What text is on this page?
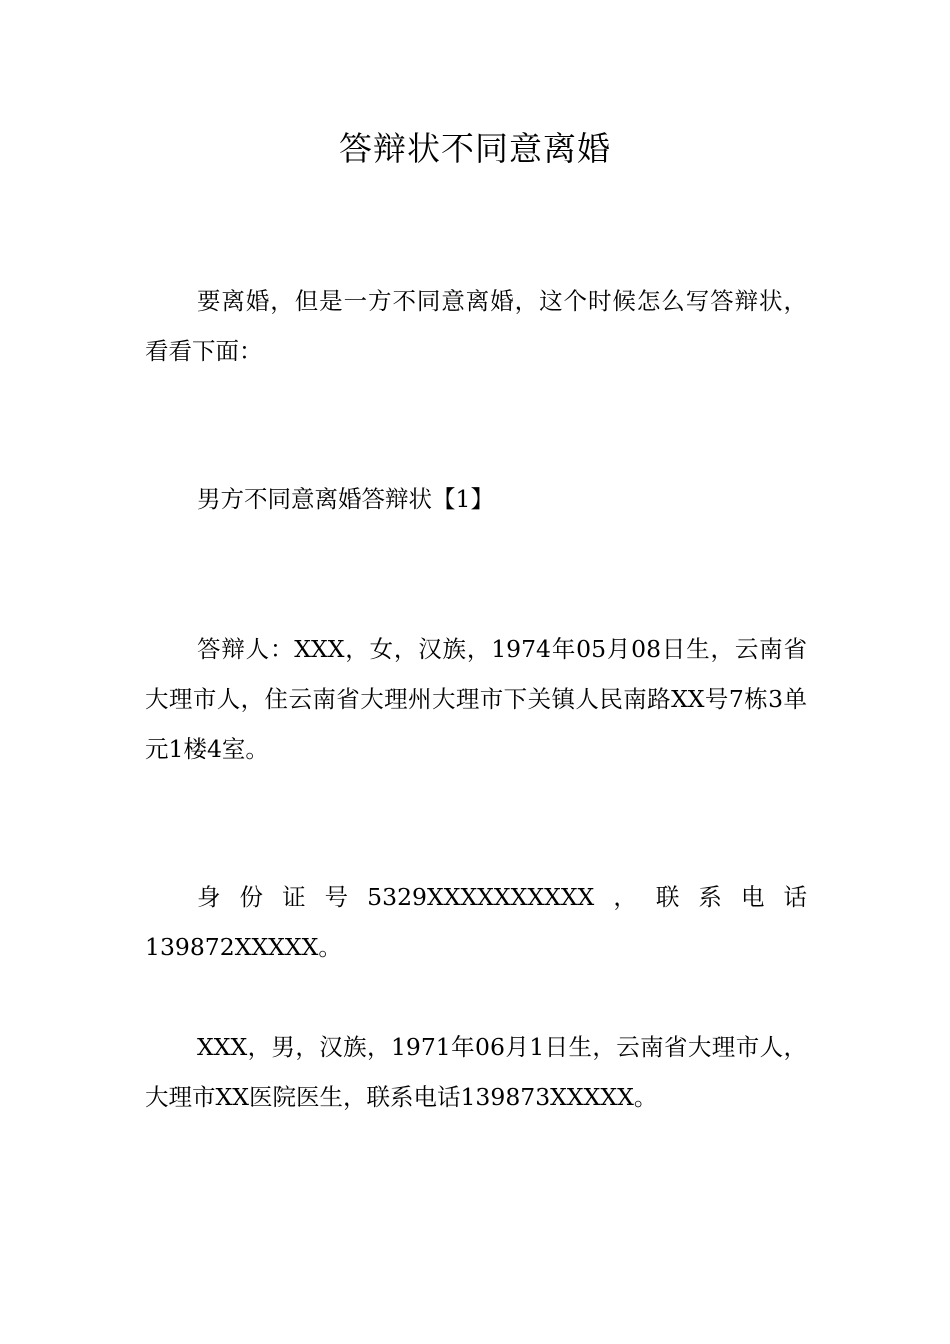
答辩状不同意离婚

要离婚，但是一方不同意离婚，这个时候怎么写答辩状，看看下面：

男方不同意离婚答辩状【1】

答辩人：XXX，女，汉族，1974年05月08日生，云南省大理市人，住云南省大理州大理市下关镇人民南路XX号7栋3单元1楼4室。

身份证号5329XXXXXXXXXX，联系电话139872XXXXX。

XXX，男，汉族，1971年06月1日生，云南省大理市人，大理市XX医院医生，联系电话139873XXXXX。
